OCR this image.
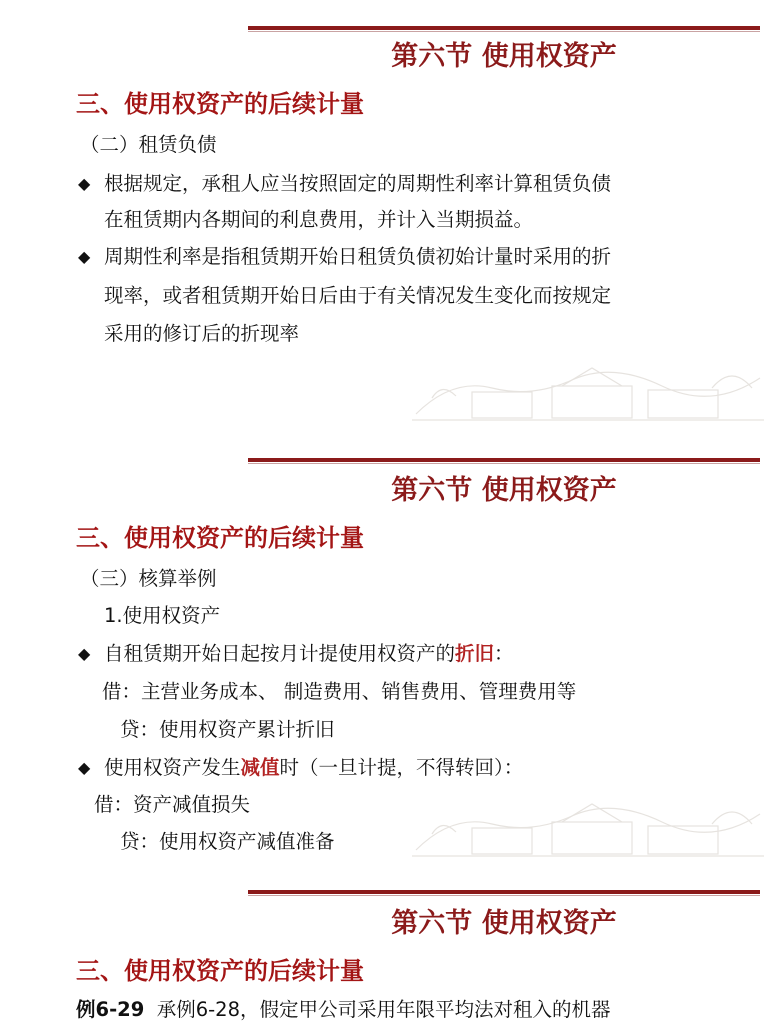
第六节 使用权资产
三、使用权资产的后续计量
（二）租赁负债
◆ 根据规定，承租人应当按照固定的周期性利率计算租赁负债
在租赁期内各期间的利息费用，并计入当期损益。
◆ 周期性利率是指租赁期开始日租赁负债初始计量时采用的折
现率，或者租赁期开始日后由于有关情况发生变化而按规定
采用的修订后的折现率
第六节 使用权资产
三、使用权资产的后续计量
（三）核算举例
1.使用权资产
◆ 自租赁期开始日起按月计提使用权资产的折旧：
借：主营业务成本、 制造费用、销售费用、管理费用等
贷：使用权资产累计折旧
◆ 使用权资产发生减值时（一旦计提，不得转回）：
借：资产减值损失
贷：使用权资产减值准备
第六节 使用权资产
三、使用权资产的后续计量
例6-29 承例6-28，假定甲公司采用年限平均法对租入的机器
